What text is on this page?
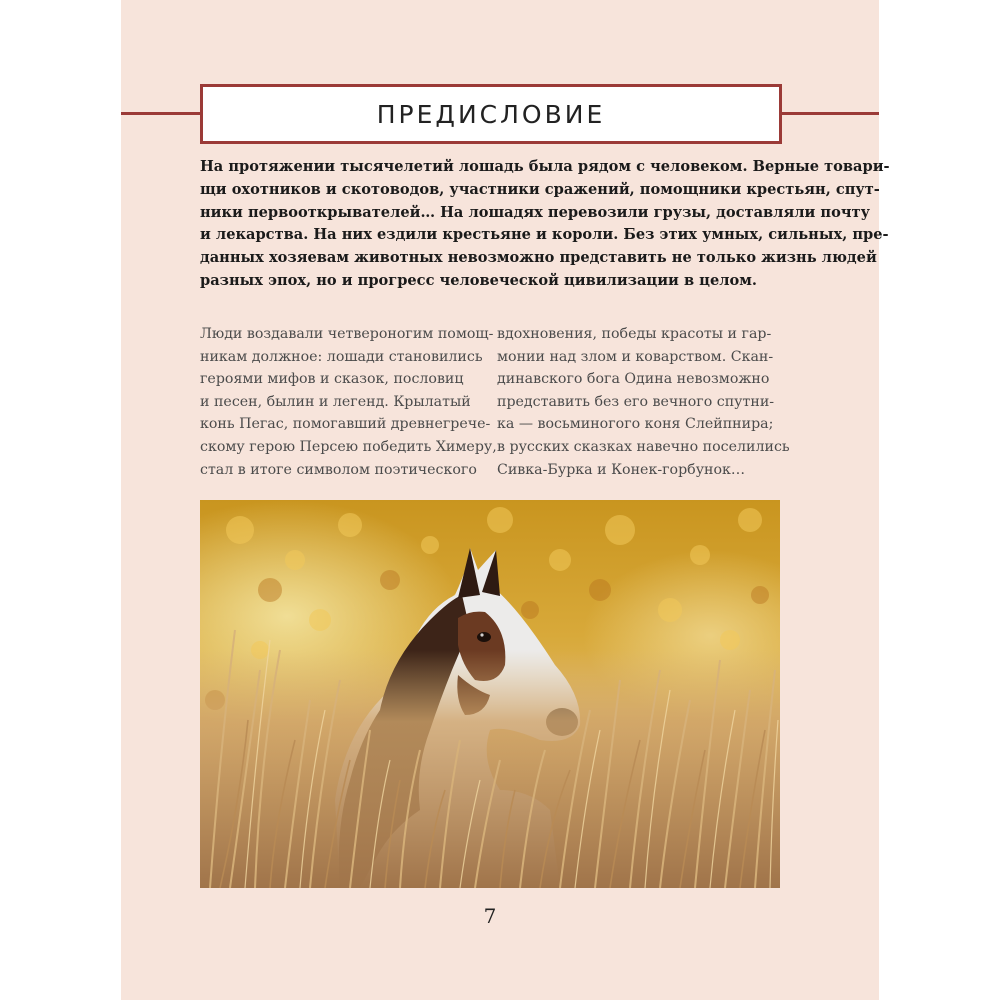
ПРЕДИСЛОВИЕ

На протяжении тысячелетий лошадь была рядом с человеком. Верные товари-
щи охотников и скотоводов, участники сражений, помощники крестьян, спут-
ники первооткрывателей… На лошадях перевозили грузы, доставляли почту
и лекарства. На них ездили крестьяне и короли. Без этих умных, сильных, пре-
данных хозяевам животных невозможно представить не только жизнь людей
разных эпох, но и прогресс человеческой цивилизации в целом.

Люди воздавали четвероногим помощ-
никам должное: лошади становились
героями мифов и сказок, пословиц
и песен, былин и легенд. Крылатый
конь Пегас, помогавший древнегрече-
скому герою Персею победить Химеру,
стал в итоге символом поэтического

вдохновения, победы красоты и гар-
монии над злом и коварством. Скан-
динавского бога Одина невозможно
представить без его вечного спутни-
ка — восьминогого коня Слейпнира;
в русских сказках навечно поселились
Сивка-Бурка и Конек-горбунок…

7
